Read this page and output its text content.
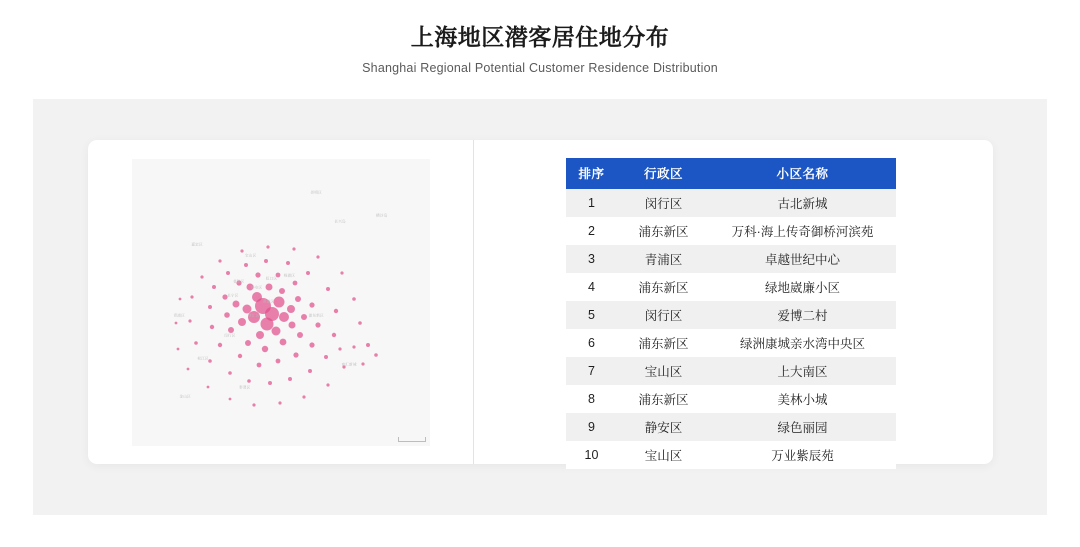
上海地区潜客居住地分布

Shanghai Regional Potential Customer Residence Distribution

崇明区
长兴岛
横沙岛
宝山区
嘉定区
普陀区
虹口区
杨浦区
静安区
黄浦区
徐汇区
长宁区
闵行区
浦东新区
青浦区
松江区
金山区
奉贤区
南汇新城
排序	行政区	小区名称
1	闵行区	古北新城
2	浦东新区	万科·海上传奇御桥河滨苑
3	青浦区	卓越世纪中心
4	浦东新区	绿地崴廉小区
5	闵行区	爱博二村
6	浦东新区	绿洲康城亲水湾中央区
7	宝山区	上大南区
8	浦东新区	美林小城
9	静安区	绿色丽园
10	宝山区	万业紫辰苑
